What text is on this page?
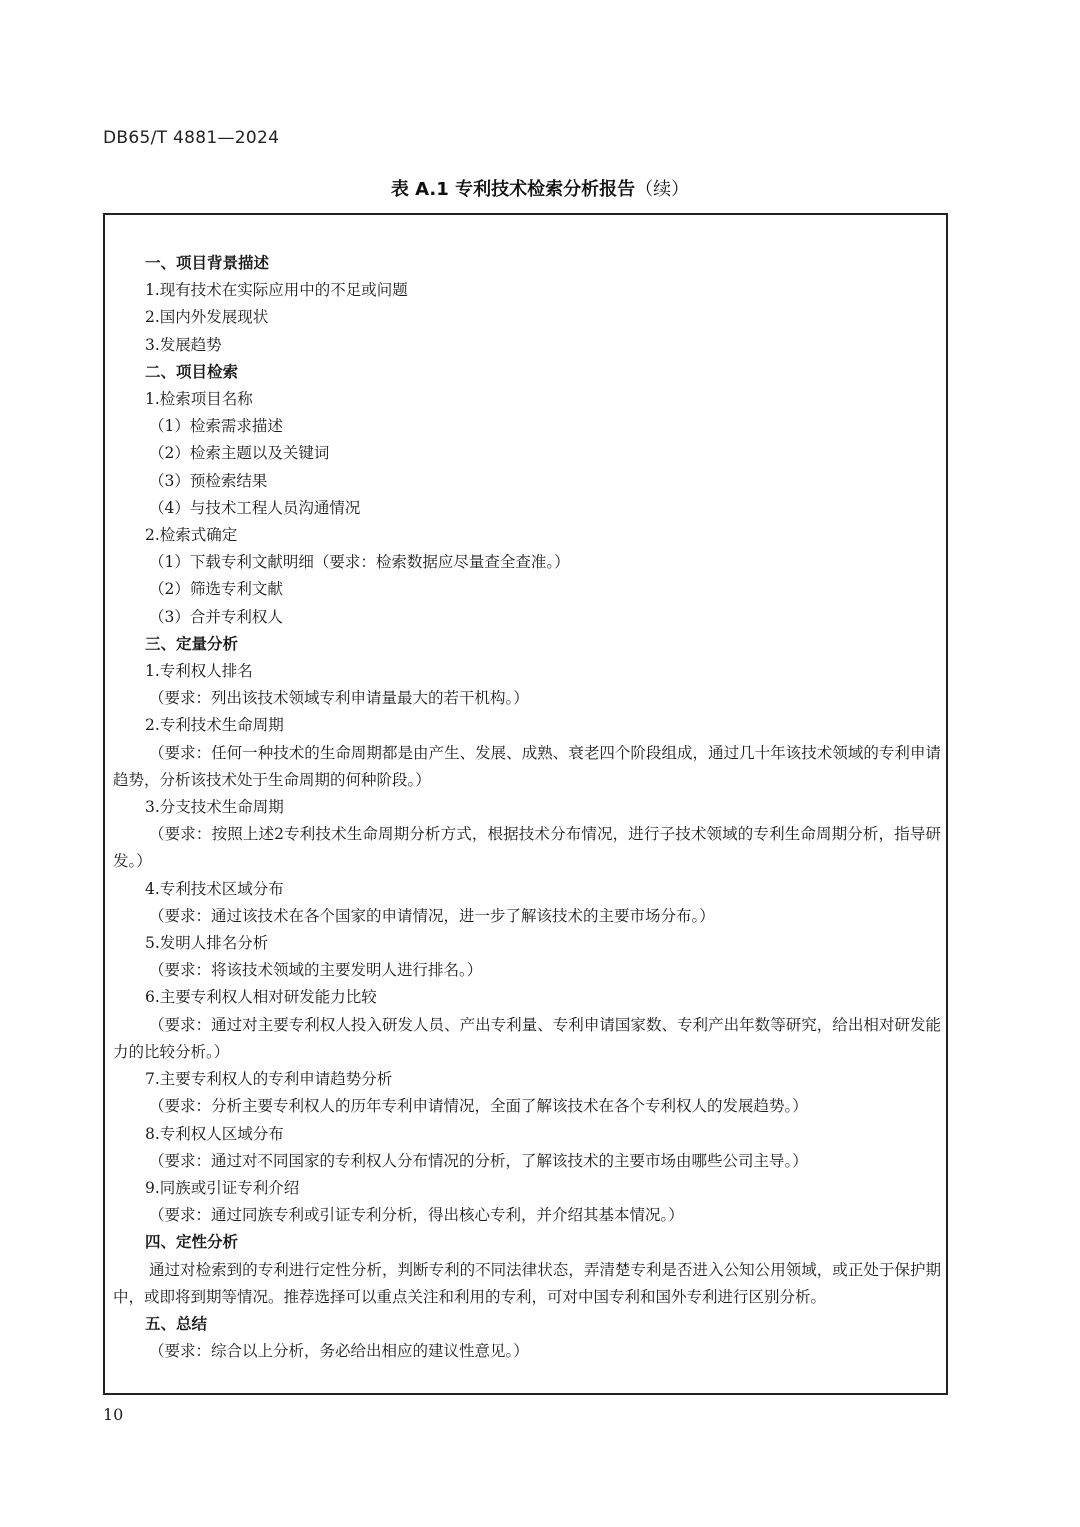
DB65/T 4881—2024
表 A.1 专利技术检索分析报告（续）
一、项目背景描述
1.现有技术在实际应用中的不足或问题
2.国内外发展现状
3.发展趋势
二、项目检索
1.检索项目名称
（1）检索需求描述
（2）检索主题以及关键词
（3）预检索结果
（4）与技术工程人员沟通情况
2.检索式确定
（1）下载专利文献明细（要求：检索数据应尽量查全查准。）
（2）筛选专利文献
（3）合并专利权人
三、定量分析
1.专利权人排名
（要求：列出该技术领域专利申请量最大的若干机构。）
2.专利技术生命周期
（要求：任何一种技术的生命周期都是由产生、发展、成熟、衰老四个阶段组成，通过几十年该技术领域的专利申请趋势，分析该技术处于生命周期的何种阶段。）
3.分支技术生命周期
（要求：按照上述2专利技术生命周期分析方式，根据技术分布情况，进行子技术领域的专利生命周期分析，指导研发。）
4.专利技术区域分布
（要求：通过该技术在各个国家的申请情况，进一步了解该技术的主要市场分布。）
5.发明人排名分析
（要求：将该技术领域的主要发明人进行排名。）
6.主要专利权人相对研发能力比较
（要求：通过对主要专利权人投入研发人员、产出专利量、专利申请国家数、专利产出年数等研究，给出相对研发能力的比较分析。）
7.主要专利权人的专利申请趋势分析
（要求：分析主要专利权人的历年专利申请情况，全面了解该技术在各个专利权人的发展趋势。）
8.专利权人区域分布
（要求：通过对不同国家的专利权人分布情况的分析，了解该技术的主要市场由哪些公司主导。）
9.同族或引证专利介绍
（要求：通过同族专利或引证专利分析，得出核心专利，并介绍其基本情况。）
四、定性分析
通过对检索到的专利进行定性分析，判断专利的不同法律状态，弄清楚专利是否进入公知公用领域，或正处于保护期中，或即将到期等情况。推荐选择可以重点关注和利用的专利，可对中国专利和国外专利进行区别分析。
五、总结
（要求：综合以上分析，务必给出相应的建议性意见。）
10
